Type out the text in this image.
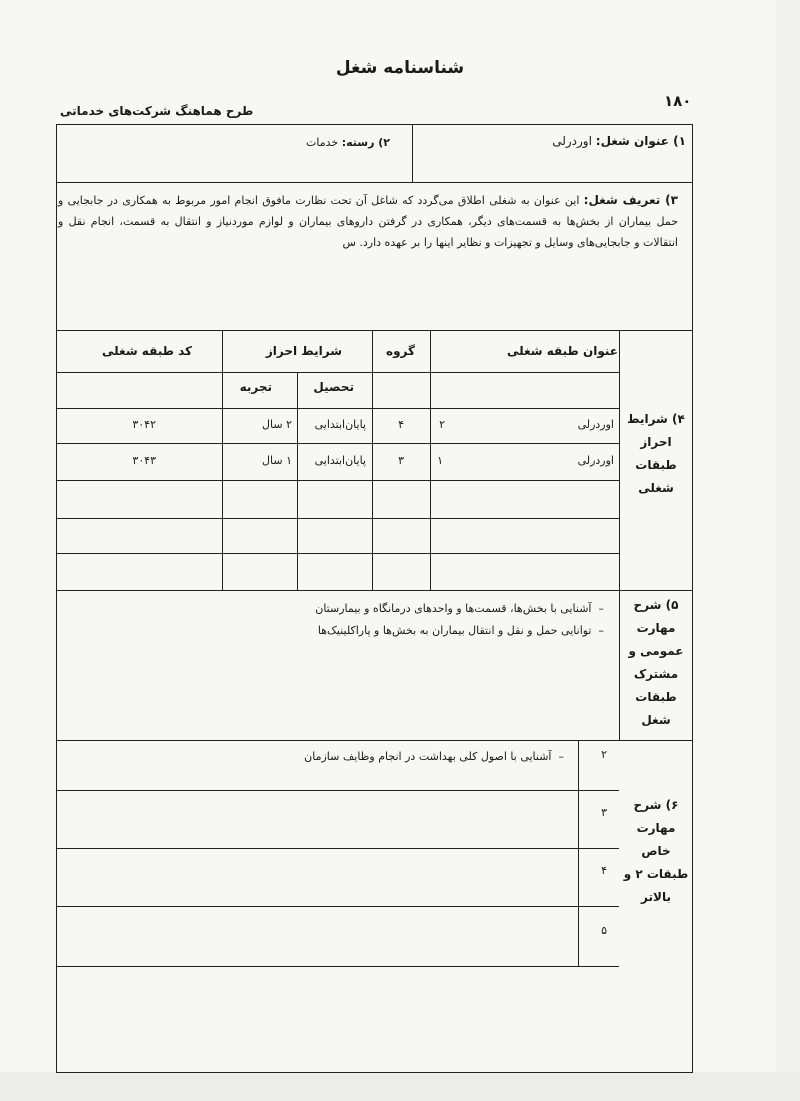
شناسنامه شغل
طرح هماهنگ شرکت‌های خدماتی
۱۸۰
۱) عنوان شغل: اوردرلی
۲) رسته: خدمات
۳) تعریف شغل: این عنوان به شغلی اطلاق می‌گردد که شاغل آن تحت نظارت مافوق انجام امور مربوط به همکاری در جابجایی و حمل بیماران از بخش‌ها به قسمت‌های دیگر، همکاری در گرفتن داروهای بیماران و لوازم موردنیاز و انتقال به قسمت، انجام نقل و انتقالات و جابجایی‌های وسایل و تجهیزات و نظایر اینها را بر عهده دارد. س
۴) شرایط احراز طبقات شغلی
عنوان طبقه شغلی
گروه
شرایط احراز
تحصیل
تجربه
کد طبقه شغلی
اوردرلی
۲
۴
پایان‌ابتدایی
۲ سال
۳۰۴۲
اوردرلی
۱
۳
پایان‌ابتدایی
۱ سال
۳۰۴۳
۵) شرح مهارت عمومی و مشترک طبقات شغل
–  آشنایی با بخش‌ها، قسمت‌ها و واحدهای درمانگاه و بیمارستان
–  توانایی حمل و نقل و انتقال بیماران به بخش‌ها و پاراکلینیک‌ها
۶) شرح مهارت خاص طبقات ۲ و بالاتر
۲
–  آشنایی با اصول کلی بهداشت در انجام وظایف سازمان
۳
۴
۵
